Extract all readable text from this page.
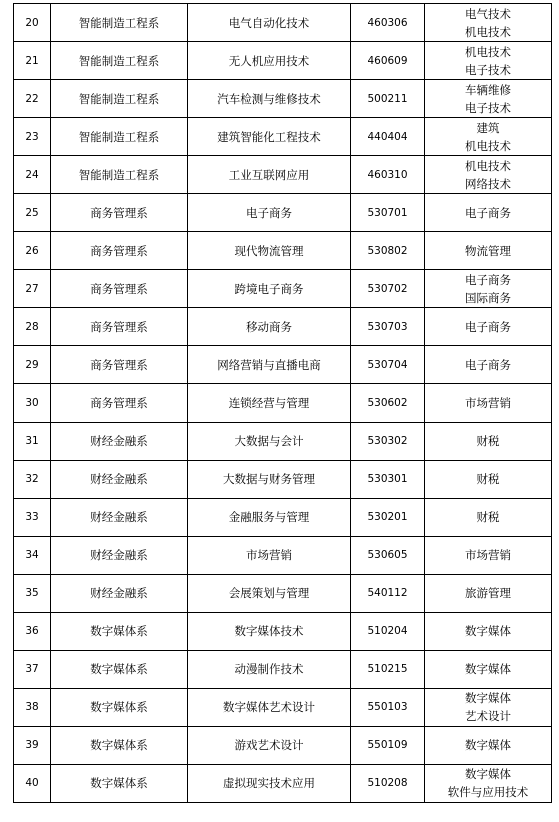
20	智能制造工程系	电气自动化技术	460306	电气技术
机电技术

21	智能制造工程系	无人机应用技术	460609	机电技术
电子技术

22	智能制造工程系	汽车检测与维修技术	500211	车辆维修
电子技术

23	智能制造工程系	建筑智能化工程技术	440404	建筑
机电技术

24	智能制造工程系	工业互联网应用	460310	机电技术
网络技术

25	商务管理系	电子商务	530701	电子商务

26	商务管理系	现代物流管理	530802	物流管理

27	商务管理系	跨境电子商务	530702	电子商务
国际商务

28	商务管理系	移动商务	530703	电子商务

29	商务管理系	网络营销与直播电商	530704	电子商务

30	商务管理系	连锁经营与管理	530602	市场营销

31	财经金融系	大数据与会计	530302	财税

32	财经金融系	大数据与财务管理	530301	财税

33	财经金融系	金融服务与管理	530201	财税

34	财经金融系	市场营销	530605	市场营销

35	财经金融系	会展策划与管理	540112	旅游管理

36	数字媒体系	数字媒体技术	510204	数字媒体

37	数字媒体系	动漫制作技术	510215	数字媒体

38	数字媒体系	数字媒体艺术设计	550103	数字媒体
艺术设计

39	数字媒体系	游戏艺术设计	550109	数字媒体

40	数字媒体系	虚拟现实技术应用	510208	数字媒体
软件与应用技术
